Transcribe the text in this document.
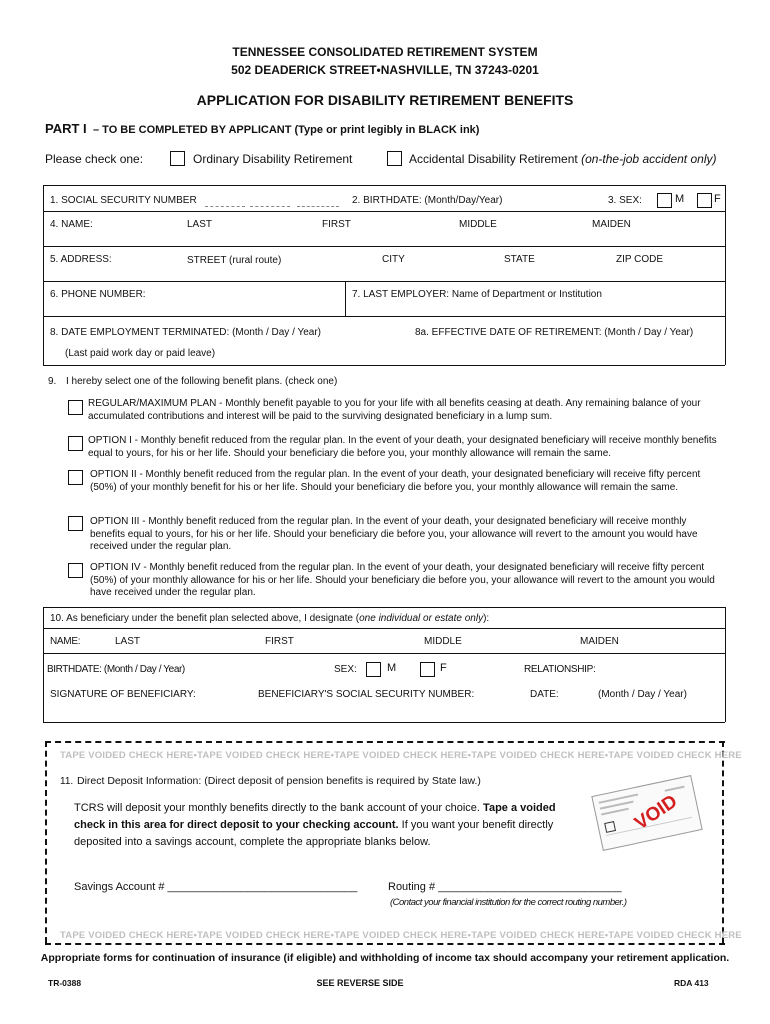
TENNESSEE CONSOLIDATED RETIREMENT SYSTEM
502 DEADERICK STREET•NASHVILLE, TN 37243-0201
APPLICATION FOR DISABILITY RETIREMENT BENEFITS
PART I – TO BE COMPLETED BY APPLICANT (Type or print legibly in BLACK ink)
Please check one:	Ordinary Disability Retirement	Accidental Disability Retirement (on-the-job accident only)
1. SOCIAL SECURITY NUMBER	2. BIRTHDATE: (Month/Day/Year)	3. SEX:	M	F
4. NAME:	LAST	FIRST	MIDDLE	MAIDEN
5. ADDRESS:	STREET (rural route)	CITY	STATE	ZIP CODE
6. PHONE NUMBER:	7. LAST EMPLOYER: Name of Department or Institution
8. DATE EMPLOYMENT TERMINATED: (Month / Day / Year)	8a. EFFECTIVE DATE OF RETIREMENT: (Month / Day / Year)
(Last paid work day or paid leave)
9. I hereby select one of the following benefit plans. (check one)
REGULAR/MAXIMUM PLAN - Monthly benefit payable to you for your life with all benefits ceasing at death. Any remaining balance of your accumulated contributions and interest will be paid to the surviving designated beneficiary in a lump sum.
OPTION I - Monthly benefit reduced from the regular plan. In the event of your death, your designated beneficiary will receive monthly benefits equal to yours, for his or her life. Should your beneficiary die before you, your monthly allowance will remain the same.
OPTION II - Monthly benefit reduced from the regular plan. In the event of your death, your designated beneficiary will receive fifty percent (50%) of your monthly benefit for his or her life. Should your beneficiary die before you, your monthly allowance will remain the same.
OPTION III - Monthly benefit reduced from the regular plan. In the event of your death, your designated beneficiary will receive monthly benefits equal to yours, for his or her life. Should your beneficiary die before you, your allowance will revert to the amount you would have received under the regular plan.
OPTION IV - Monthly benefit reduced from the regular plan. In the event of your death, your designated beneficiary will receive fifty percent (50%) of your monthly allowance for his or her life. Should your beneficiary die before you, your allowance will revert to the amount you would have received under the regular plan.
10. As beneficiary under the benefit plan selected above, I designate (one individual or estate only):
NAME:	LAST	FIRST	MIDDLE	MAIDEN
BIRTHDATE: (Month / Day / Year)	SEX:	M	F	RELATIONSHIP:
SIGNATURE OF BENEFICIARY:	BENEFICIARY'S SOCIAL SECURITY NUMBER:	DATE:	(Month / Day / Year)
TAPE VOIDED CHECK HERE•TAPE VOIDED CHECK HERE•TAPE VOIDED CHECK HERE•TAPE VOIDED CHECK HERE•TAPE VOIDED CHECK HERE
TAPE VOIDED CHECK HERE•TAPE VOIDED CHECK HERE•TAPE VOIDED CHECK HERE•TAPE VOIDED CHECK HERE•TAPE VOIDED CHECK HERE
11. Direct Deposit Information: (Direct deposit of pension benefits is required by State law.)
TCRS will deposit your monthly benefits directly to the bank account of your choice. Tape a voided
check in this area for direct deposit to your checking account. If you want your benefit directly
deposited into a savings account, complete the appropriate blanks below.
VOID
Savings Account # _______________________________	Routing # ______________________________
(Contact your financial institution for the correct routing number.)
Appropriate forms for continuation of insurance (if eligible) and withholding of income tax should accompany your retirement application.
TR-0388	SEE REVERSE SIDE	RDA 413
